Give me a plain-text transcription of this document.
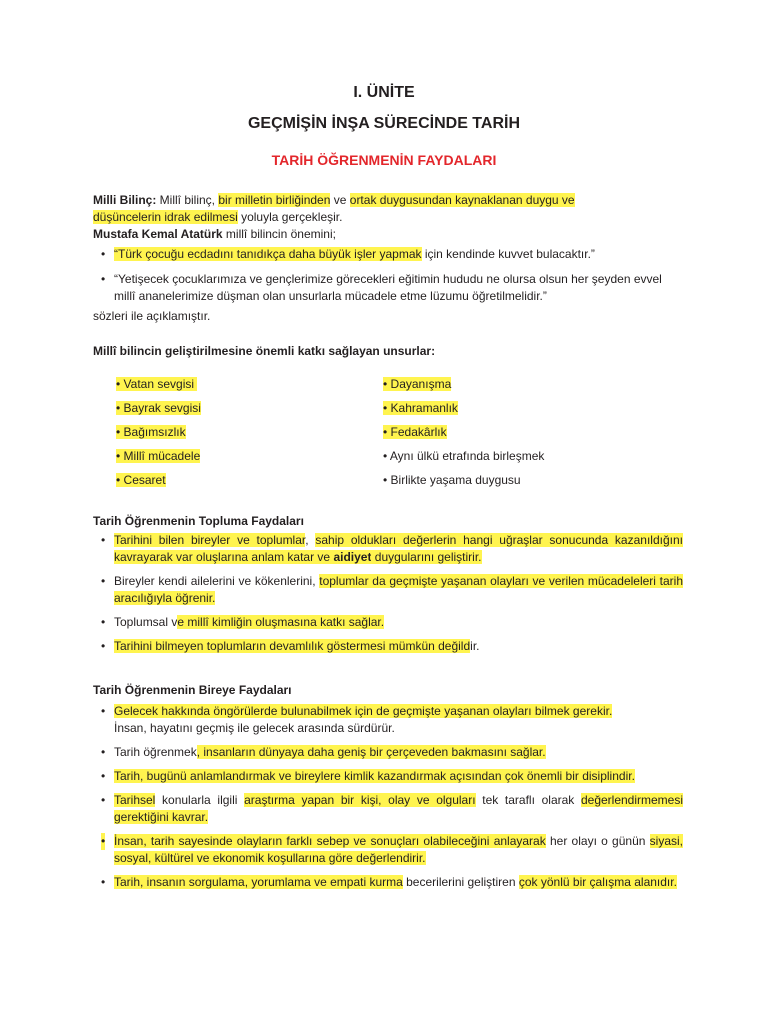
I. ÜNİTE
GEÇMİŞİN İNŞA SÜRECİNDE TARİH
TARİH ÖĞRENMENİN FAYDALARI
Milli Bilinç: Millî bilinç, bir milletin birliğinden ve ortak duygusundan kaynaklanan duygu ve
düşüncelerin idrak edilmesi yoluyla gerçekleşir.
Mustafa Kemal Atatürk millî bilincin önemini;
• “Türk çocuğu ecdadını tanıdıkça daha büyük işler yapmak için kendinde kuvvet bulacaktır.”
• “Yetişecek çocuklarımıza ve gençlerimize görecekleri eğitimin hududu ne olursa olsun her şeyden evvel millî ananelerimize düşman olan unsurlarla mücadele etme lüzumu öğretilmelidir.”
sözleri ile açıklamıştır.
Millî bilincin geliştirilmesine önemli katkı sağlayan unsurlar:
• Vatan sevgisi
• Bayrak sevgisi
• Bağımsızlık
• Millî mücadele
• Cesaret
• Dayanışma
• Kahramanlık
• Fedakârlık
• Aynı ülkü etrafında birleşmek
• Birlikte yaşama duygusu
Tarih Öğrenmenin Topluma Faydaları
• Tarihini bilen bireyler ve toplumlar, sahip oldukları değerlerin hangi uğraşlar sonucunda kazanıldığını kavrayarak var oluşlarına anlam katar ve aidiyet duygularını geliştirir.
• Bireyler kendi ailelerini ve kökenlerini, toplumlar da geçmişte yaşanan olayları ve verilen mücadeleleri tarih aracılığıyla öğrenir.
• Toplumsal ve millî kimliğin oluşmasına katkı sağlar.
• Tarihini bilmeyen toplumların devamlılık göstermesi mümkün değildir.
Tarih Öğrenmenin Bireye Faydaları
• Gelecek hakkında öngörülerde bulunabilmek için de geçmişte yaşanan olayları bilmek gerekir.
İnsan, hayatını geçmiş ile gelecek arasında sürdürür.
• Tarih öğrenmek, insanların dünyaya daha geniş bir çerçeveden bakmasını sağlar.
• Tarih, bugünü anlamlandırmak ve bireylere kimlik kazandırmak açısından çok önemli bir disiplindir.
• Tarihsel konularla ilgili araştırma yapan bir kişi, olay ve olguları tek taraflı olarak değerlendirmemesi gerektiğini kavrar.
• İnsan, tarih sayesinde olayların farklı sebep ve sonuçları olabileceğini anlayarak her olayı o günün siyasi, sosyal, kültürel ve ekonomik koşullarına göre değerlendirir.
• Tarih, insanın sorgulama, yorumlama ve empati kurma becerilerini geliştiren çok yönlü bir çalışma alanıdır.
